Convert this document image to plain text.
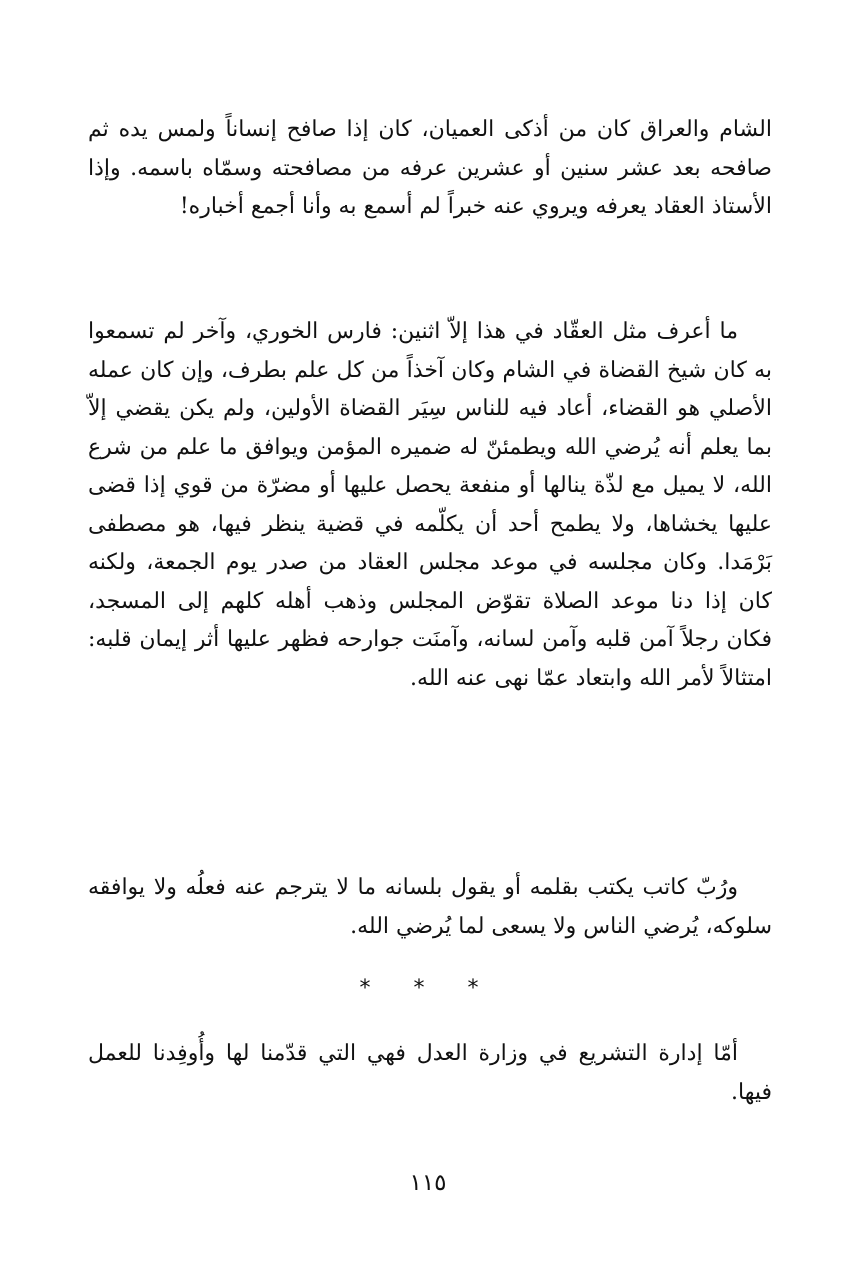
الشام والعراق كان من أذكى العميان، كان إذا صافح إنساناً ولمس يده ثم صافحه بعد عشر سنين أو عشرين عرفه من مصافحته وسمّاه باسمه. وإذا الأستاذ العقاد يعرفه ويروي عنه خبراً لم أسمع به وأنا أجمع أخباره!

ما أعرف مثل العقّاد في هذا إلاّ اثنين: فارس الخوري، وآخر لم تسمعوا به كان شيخ القضاة في الشام وكان آخذاً من كل علم بطرف، وإن كان عمله الأصلي هو القضاء، أعاد فيه للناس سِيَر القضاة الأولين، ولم يكن يقضي إلاّ بما يعلم أنه يُرضي الله ويطمئنّ له ضميره المؤمن ويوافق ما علم من شرع الله، لا يميل مع لذّة ينالها أو منفعة يحصل عليها أو مضرّة من قوي إذا قضى عليها يخشاها، ولا يطمح أحد أن يكلّمه في قضية ينظر فيها، هو مصطفى بَرْمَدا. وكان مجلسه في موعد مجلس العقاد من صدر يوم الجمعة، ولكنه كان إذا دنا موعد الصلاة تقوّض المجلس وذهب أهله كلهم إلى المسجد، فكان رجلاً آمن قلبه وآمن لسانه، وآمنَت جوارحه فظهر عليها أثر إيمان قلبه: امتثالاً لأمر الله وابتعاد عمّا نهى عنه الله.

ورُبّ كاتب يكتب بقلمه أو يقول بلسانه ما لا يترجم عنه فعلُه ولا يوافقه سلوكه، يُرضي الناس ولا يسعى لما يُرضي الله.

* * *

أمّا إدارة التشريع في وزارة العدل فهي التي قدّمنا لها وأُوفِدنا للعمل فيها.

١١٥
